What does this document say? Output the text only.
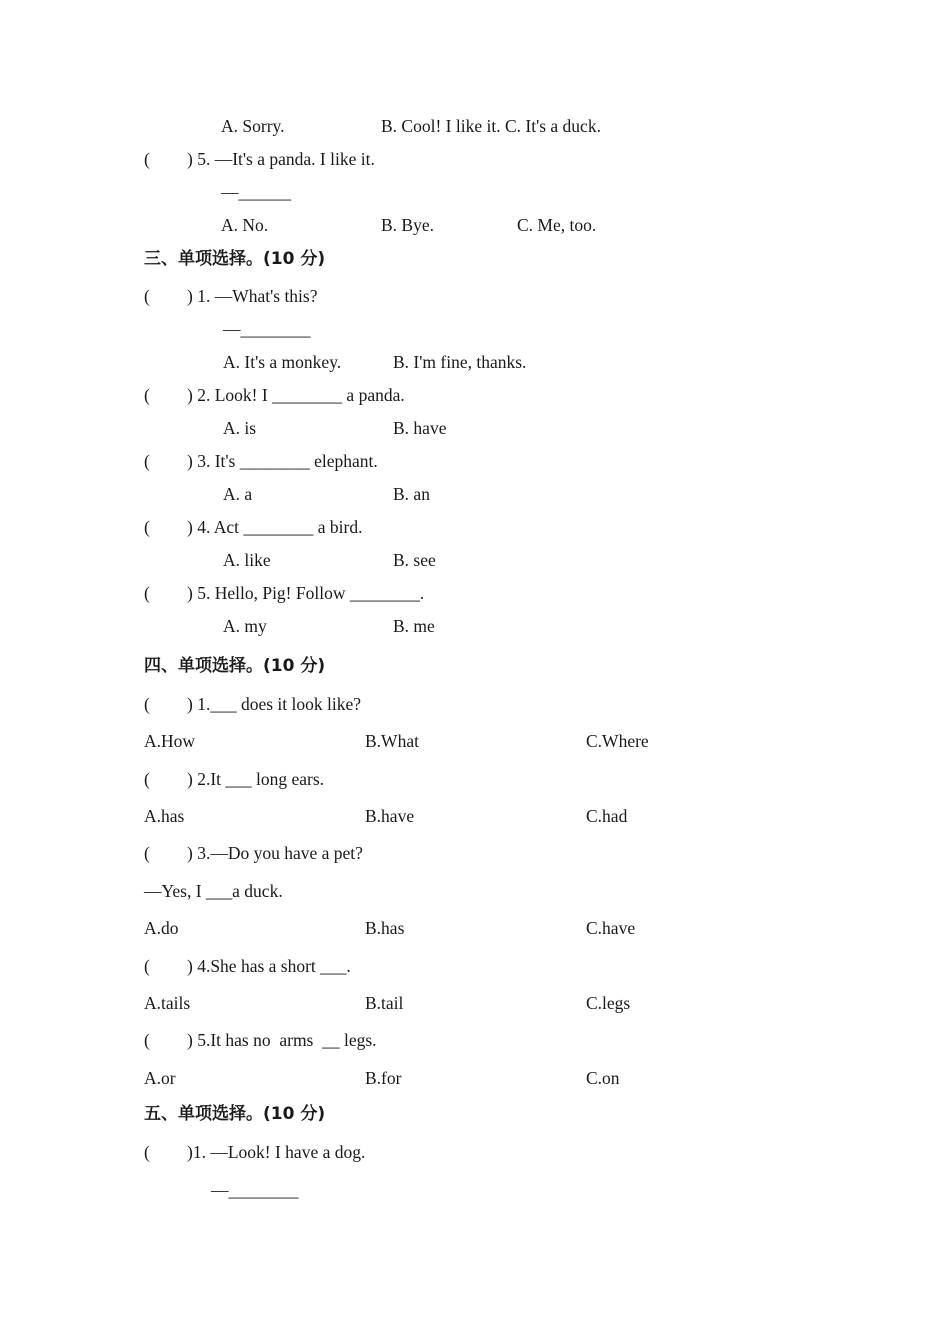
A. Sorry.	B. Cool! I like it. C. It's a duck.
( ) 5. —It's a panda. I like it.
—______
A. No.	B. Bye.	C. Me, too.
三、单项选择。(10 分)
( ) 1. —What's this?
—________
A. It's a monkey.	B. I'm fine, thanks.
( ) 2. Look! I ________ a panda.
A. is	B. have
( ) 3. It's ________ elephant.
A. a	B. an
( ) 4. Act ________ a bird.
A. like	B. see
( ) 5. Hello, Pig! Follow ________.
A. my	B. me
四、单项选择。(10 分)
( ) 1.___ does it look like?
A.How	B.What	C.Where
( ) 2.It ___ long ears.
A.has	B.have	C.had
( ) 3.—Do you have a pet?
—Yes, I ___a duck.
A.do	B.has	C.have
( ) 4.She has a short ___.
A.tails	B.tail	C.legs
( ) 5.It has no  arms  __ legs.
A.or	B.for	C.on
五、单项选择。(10 分)
( )1. —Look! I have a dog.
—________
